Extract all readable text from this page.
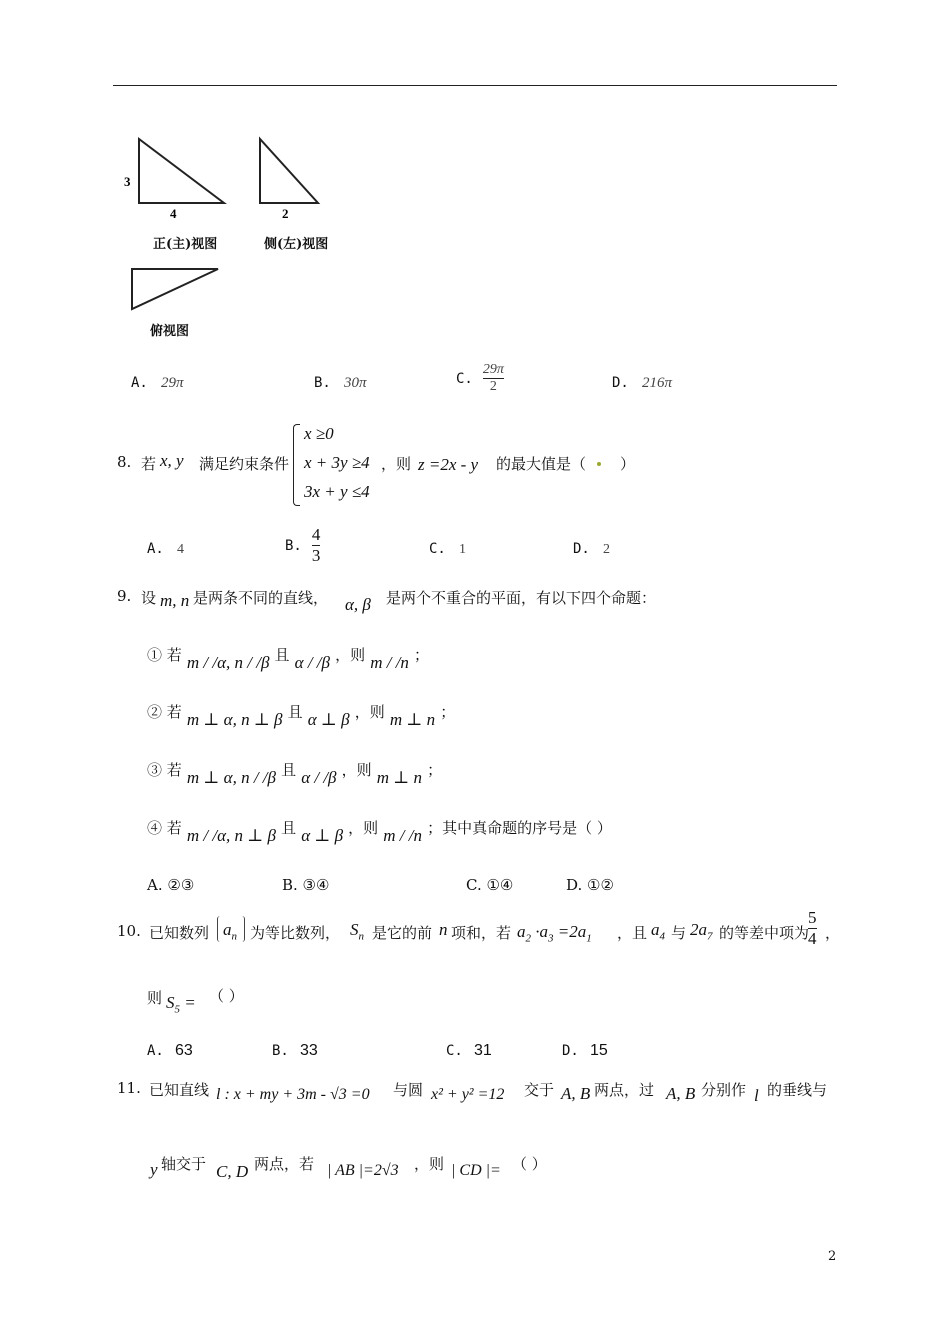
3
4	2
正(主)视图	侧(左)视图
俯视图
A. 29π	B. 30π	C. $\frac{29\pi}{2}$	D. 216π
8. 若 x, y 满足约束条件
x ≥0
x + 3y ≥4
3x + y ≤4
，则 z =2x - y 的最大值是（ ）
A. 4	B. $\frac{4}{3}$	C. 1	D. 2
9. 设 m, n 是两条不同的直线， α, β 是两个不重合的平面，有以下四个命题：
① 若 m / /α, n / /β 且 α / /β ，则 m / /n ；
② 若 m ⊥ α, n ⊥ β 且 α ⊥ β ，则 m ⊥ n ；
③ 若 m ⊥ α, n / /β 且 α / /β ，则 m ⊥ n ；
④ 若 m / /α, n ⊥ β 且 α ⊥ β ，则 m / /n ；其中真命题的序号是（ ）
A. ②③	B. ③④	C. ①④	D. ①②
10. 已知数列 $a_n$ 为等比数列， $S_n$ 是它的前 n 项和，若 $a_2 \cdot a_3 =2a_1$ ，且 $a_4$ 与 $2a_7$ 的等差中项为
$\frac{5}{4}$ ，
则 $S_5$ = （ ）
A. 63	B. 33	C. 31	D. 15
11. 已知直线 l : x + my + 3m - √3 =0 与圆 x² + y² =12 交于 A, B 两点，过 A, B 分别作 l 的垂线与
y 轴交于 C, D 两点，若 | AB |=2√3 ，则 | CD |= （ ）
2
